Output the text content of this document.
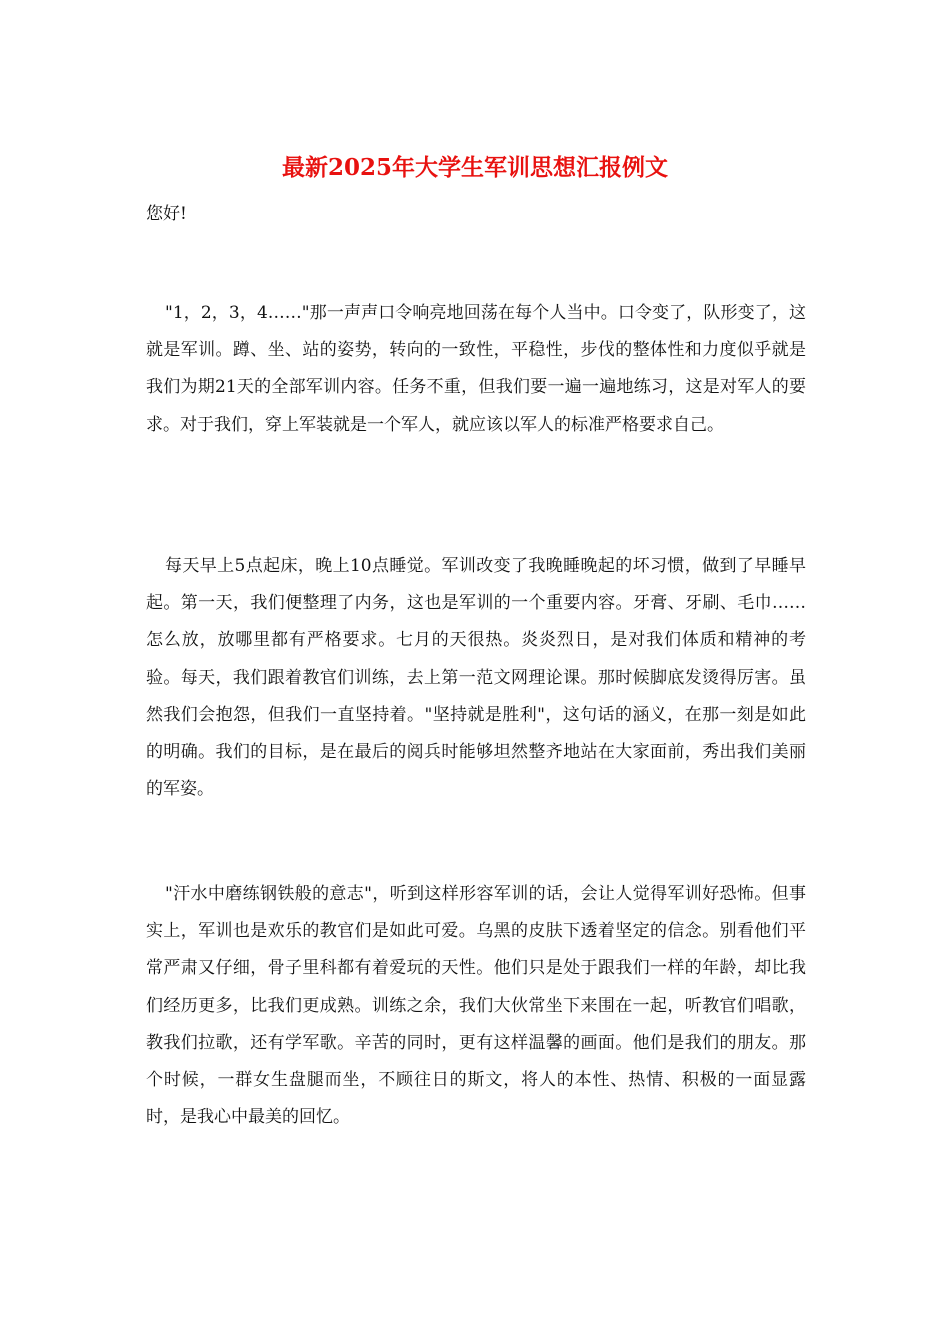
最新2025年大学生军训思想汇报例文
您好!

"1，2，3，4……"那一声声口令响亮地回荡在每个人当中。口令变了，队形变了，这就是军训。蹲、坐、站的姿势，转向的一致性，平稳性，步伐的整体性和力度似乎就是我们为期21天的全部军训内容。任务不重，但我们要一遍一遍地练习，这是对军人的要求。对于我们，穿上军装就是一个军人，就应该以军人的标准严格要求自己。

每天早上5点起床，晚上10点睡觉。军训改变了我晚睡晚起的坏习惯，做到了早睡早起。第一天，我们便整理了内务，这也是军训的一个重要内容。牙膏、牙刷、毛巾……怎么放，放哪里都有严格要求。七月的天很热。炎炎烈日，是对我们体质和精神的考验。每天，我们跟着教官们训练，去上第一范文网理论课。那时候脚底发烫得厉害。虽然我们会抱怨，但我们一直坚持着。"坚持就是胜利"，这句话的涵义，在那一刻是如此的明确。我们的目标，是在最后的阅兵时能够坦然整齐地站在大家面前，秀出我们美丽的军姿。

"汗水中磨练钢铁般的意志"，听到这样形容军训的话，会让人觉得军训好恐怖。但事实上，军训也是欢乐的教官们是如此可爱。乌黑的皮肤下透着坚定的信念。别看他们平常严肃又仔细，骨子里科都有着爱玩的天性。他们只是处于跟我们一样的年龄，却比我们经历更多，比我们更成熟。训练之余，我们大伙常坐下来围在一起，听教官们唱歌，教我们拉歌，还有学军歌。辛苦的同时，更有这样温馨的画面。他们是我们的朋友。那个时候，一群女生盘腿而坐，不顾往日的斯文，将人的本性、热情、积极的一面显露时，是我心中最美的回忆。
